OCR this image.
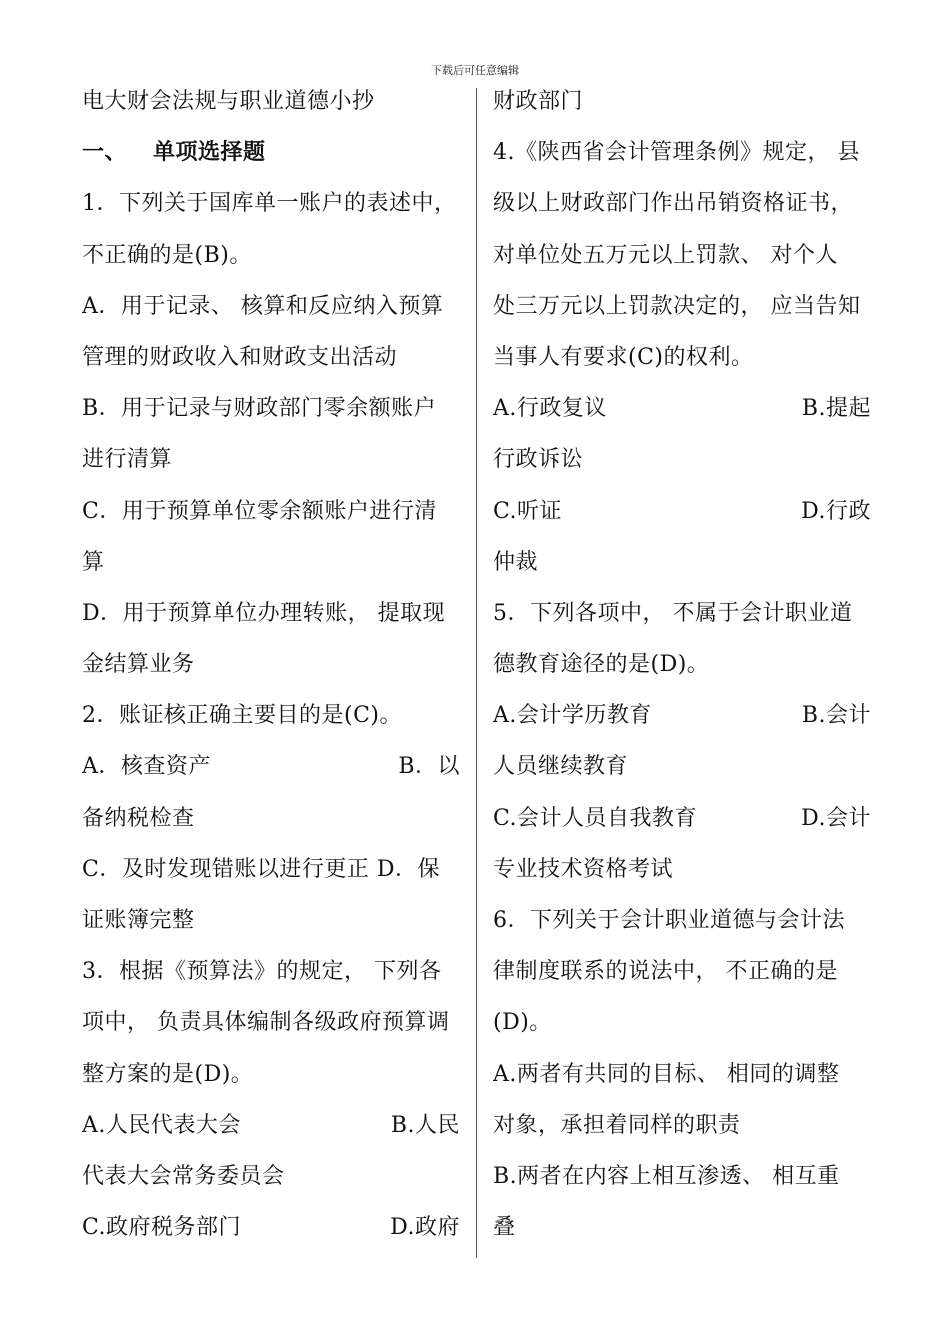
下载后可任意编辑
电大财会法规与职业道德小抄
一、 单项选择题
1．下列关于国库单一账户的表述中，
不正确的是(B)。
A．用于记录、 核算和反应纳入预算
管理的财政收入和财政支出活动
B．用于记录与财政部门零余额账户
进行清算
C．用于预算单位零余额账户进行清
算
D．用于预算单位办理转账， 提取现
金结算业务
2．账证核正确主要目的是(C)。
A．核查资产	B．以
备纳税检查
C．及时发现错账以进行更正 D．保
证账簿完整
3．根据《预算法》的规定， 下列各
项中， 负责具体编制各级政府预算调
整方案的是(D)。
A.人民代表大会	B.人民
代表大会常务委员会
C.政府税务部门	D.政府
财政部门
4.《陕西省会计管理条例》规定， 县
级以上财政部门作出吊销资格证书，
对单位处五万元以上罚款、 对个人
处三万元以上罚款决定的， 应当告知
当事人有要求(C)的权利。
A.行政复议	B.提起
行政诉讼
C.听证	D.行政
仲裁
5．下列各项中， 不属于会计职业道
德教育途径的是(D)。
A.会计学历教育	B.会计
人员继续教育
C.会计人员自我教育	D.会计
专业技术资格考试
6．下列关于会计职业道德与会计法
律制度联系的说法中， 不正确的是
(D)。
A.两者有共同的目标、 相同的调整
对象，承担着同样的职责
B.两者在内容上相互渗透、 相互重
叠
